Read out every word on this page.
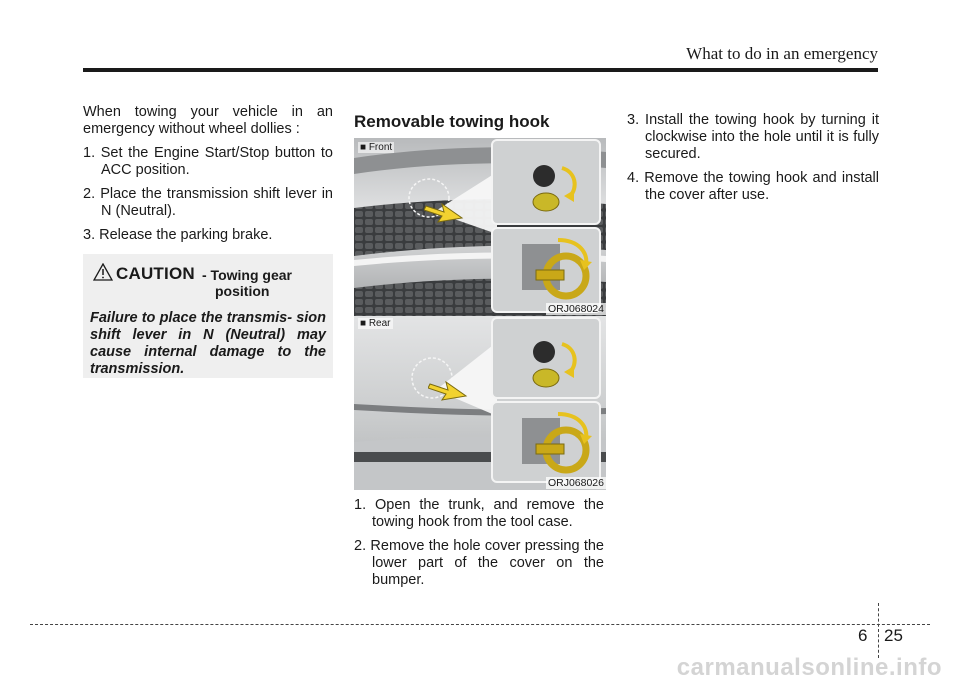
What to do in an emergency

When towing your vehicle in an emergency without wheel dollies :

1. Set the Engine Start/Stop button to ACC position.

2. Place the transmission shift lever in N (Neutral).

3. Release the parking brake.

CAUTION - Towing gear
position
Failure to place the transmis- sion shift lever in N (Neutral) may cause internal damage to the transmission.
Removable towing hook
■ Front
ORJ068024
■ Rear
ORJ068026

1. Open the trunk, and remove the towing hook from the tool case.

2. Remove the hole cover pressing the lower part of the cover on the bumper.

3. Install the towing hook by turning it clockwise into the hole until it is fully secured.

4. Remove the towing hook and install the cover after use.

6 25
carmanualsonline.info
